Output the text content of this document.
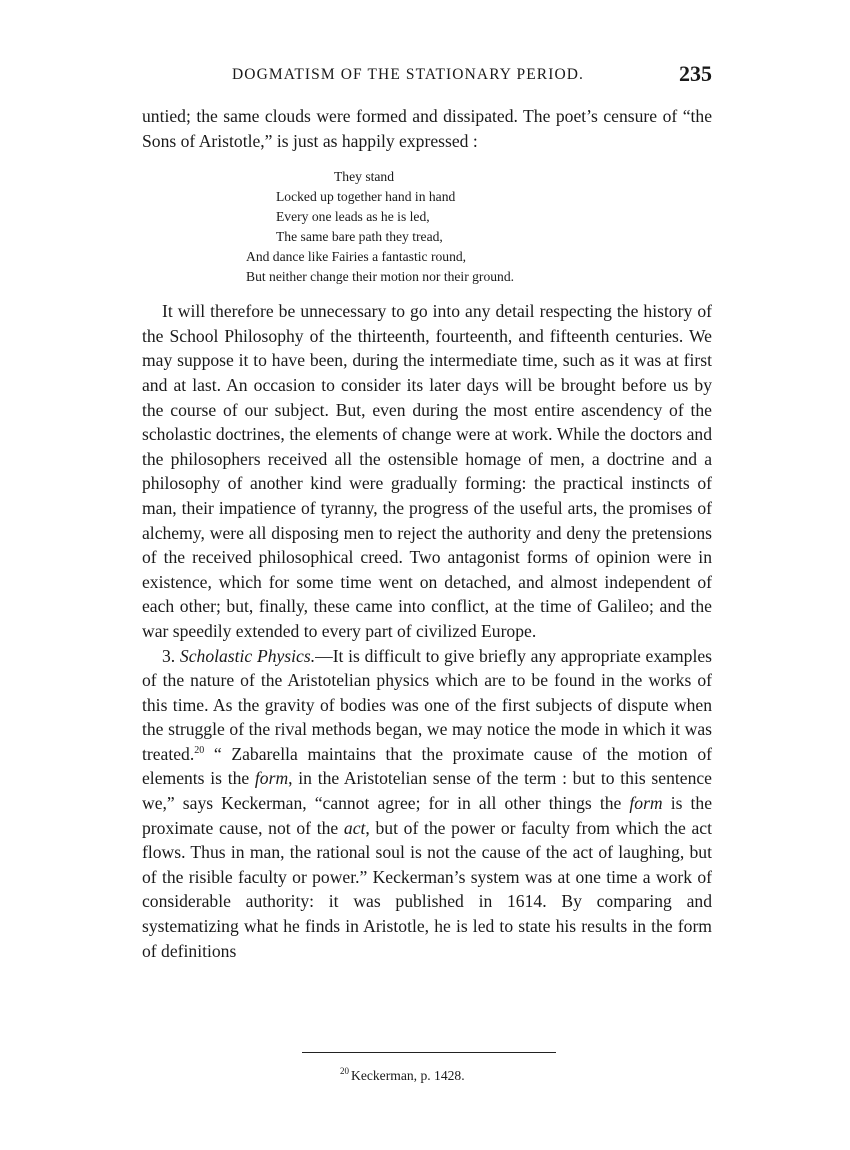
DOGMATISM OF THE STATIONARY PERIOD.	235

untied; the same clouds were formed and dissipated. The poet’s censure of “the Sons of Aristotle,” is just as happily expressed :

They stand
Locked up together hand in hand
Every one leads as he is led,
The same bare path they tread,
And dance like Fairies a fantastic round,
But neither change their motion nor their ground.

It will therefore be unnecessary to go into any detail respecting the history of the School Philosophy of the thirteenth, fourteenth, and fifteenth centuries. We may suppose it to have been, during the intermediate time, such as it was at first and at last. An occasion to consider its later days will be brought before us by the course of our subject. But, even during the most entire ascendency of the scholastic doctrines, the elements of change were at work. While the doctors and the philosophers received all the ostensible homage of men, a doctrine and a philosophy of another kind were gradually forming: the practical instincts of man, their impatience of tyranny, the progress of the useful arts, the promises of alchemy, were all disposing men to reject the authority and deny the pretensions of the received philosophical creed. Two antagonist forms of opinion were in existence, which for some time went on detached, and almost independent of each other; but, finally, these came into conflict, at the time of Galileo; and the war speedily extended to every part of civilized Europe.

3. Scholastic Physics.—It is difficult to give briefly any appropriate examples of the nature of the Aristotelian physics which are to be found in the works of this time. As the gravity of bodies was one of the first subjects of dispute when the struggle of the rival methods began, we may notice the mode in which it was treated.$^{20}$ “ Zabarella maintains that the proximate cause of the motion of elements is the form, in the Aristotelian sense of the term : but to this sentence we,” says Keckerman, “cannot agree; for in all other things the form is the proximate cause, not of the act, but of the power or faculty from which the act flows. Thus in man, the rational soul is not the cause of the act of laughing, but of the risible faculty or power.” Keckerman’s system was at one time a work of considerable authority: it was published in 1614. By comparing and systematizing what he finds in Aristotle, he is led to state his results in the form of definitions

$^{20}$ Keckerman, p. 1428.
